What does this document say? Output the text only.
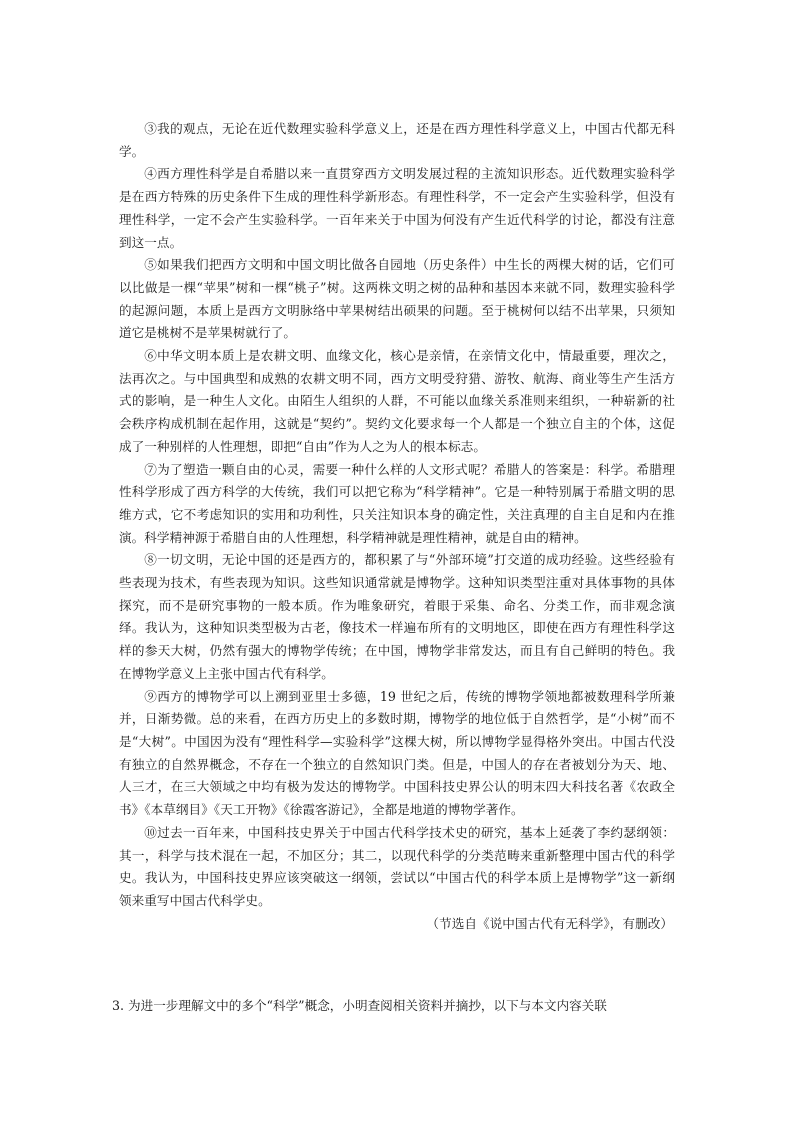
③我的观点，无论在近代数理实验科学意义上，还是在西方理性科学意义上，中国古代都无科学。

④西方理性科学是自希腊以来一直贯穿西方文明发展过程的主流知识形态。近代数理实验科学是在西方特殊的历史条件下生成的理性科学新形态。有理性科学，不一定会产生实验科学，但没有理性科学，一定不会产生实验科学。一百年来关于中国为何没有产生近代科学的讨论，都没有注意到这一点。

⑤如果我们把西方文明和中国文明比做各自园地（历史条件）中生长的两棵大树的话，它们可以比做是一棵“苹果”树和一棵“桃子”树。这两株文明之树的品种和基因本来就不同，数理实验科学的起源问题，本质上是西方文明脉络中苹果树结出硕果的问题。至于桃树何以结不出苹果，只须知道它是桃树不是苹果树就行了。

⑥中华文明本质上是农耕文明、血缘文化，核心是亲情，在亲情文化中，情最重要，理次之，法再次之。与中国典型和成熟的农耕文明不同，西方文明受狩猎、游牧、航海、商业等生产生活方式的影响，是一种生人文化。由陌生人组织的人群，不可能以血缘关系准则来组织，一种崭新的社会秩序构成机制在起作用，这就是“契约”。契约文化要求每一个人都是一个独立自主的个体，这促成了一种别样的人性理想，即把“自由”作为人之为人的根本标志。

⑦为了塑造一颗自由的心灵，需要一种什么样的人文形式呢？希腊人的答案是：科学。希腊理性科学形成了西方科学的大传统，我们可以把它称为“科学精神”。它是一种特别属于希腊文明的思维方式，它不考虑知识的实用和功利性，只关注知识本身的确定性，关注真理的自主自足和内在推演。科学精神源于希腊自由的人性理想，科学精神就是理性精神，就是自由的精神。

⑧一切文明，无论中国的还是西方的，都积累了与“外部环境”打交道的成功经验。这些经验有些表现为技术，有些表现为知识。这些知识通常就是博物学。这种知识类型注重对具体事物的具体探究，而不是研究事物的一般本质。作为唯象研究，着眼于采集、命名、分类工作，而非观念演绎。我认为，这种知识类型极为古老，像技术一样遍布所有的文明地区，即使在西方有理性科学这样的参天大树，仍然有强大的博物学传统；在中国，博物学非常发达，而且有自己鲜明的特色。我在博物学意义上主张中国古代有科学。

⑨西方的博物学可以上溯到亚里士多德，19 世纪之后，传统的博物学领地都被数理科学所兼并，日渐势微。总的来看，在西方历史上的多数时期，博物学的地位低于自然哲学，是“小树”而不是“大树”。中国因为没有“理性科学—实验科学”这棵大树，所以博物学显得格外突出。中国古代没有独立的自然界概念，不存在一个独立的自然知识门类。但是，中国人的存在者被划分为天、地、人三才，在三大领域之中均有极为发达的博物学。中国科技史界公认的明末四大科技名著《农政全书》《本草纲目》《天工开物》《徐霞客游记》，全都是地道的博物学著作。

⑩过去一百年来，中国科技史界关于中国古代科学技术史的研究，基本上延袭了李约瑟纲领：其一，科学与技术混在一起，不加区分；其二，以现代科学的分类范畴来重新整理中国古代的科学史。我认为，中国科技史界应该突破这一纲领，尝试以“中国古代的科学本质上是博物学”这一新纲领来重写中国古代科学史。

（节选自《说中国古代有无科学》，有删改）

3. 为进一步理解文中的多个“科学”概念，小明查阅相关资料并摘抄，以下与本文内容关联
